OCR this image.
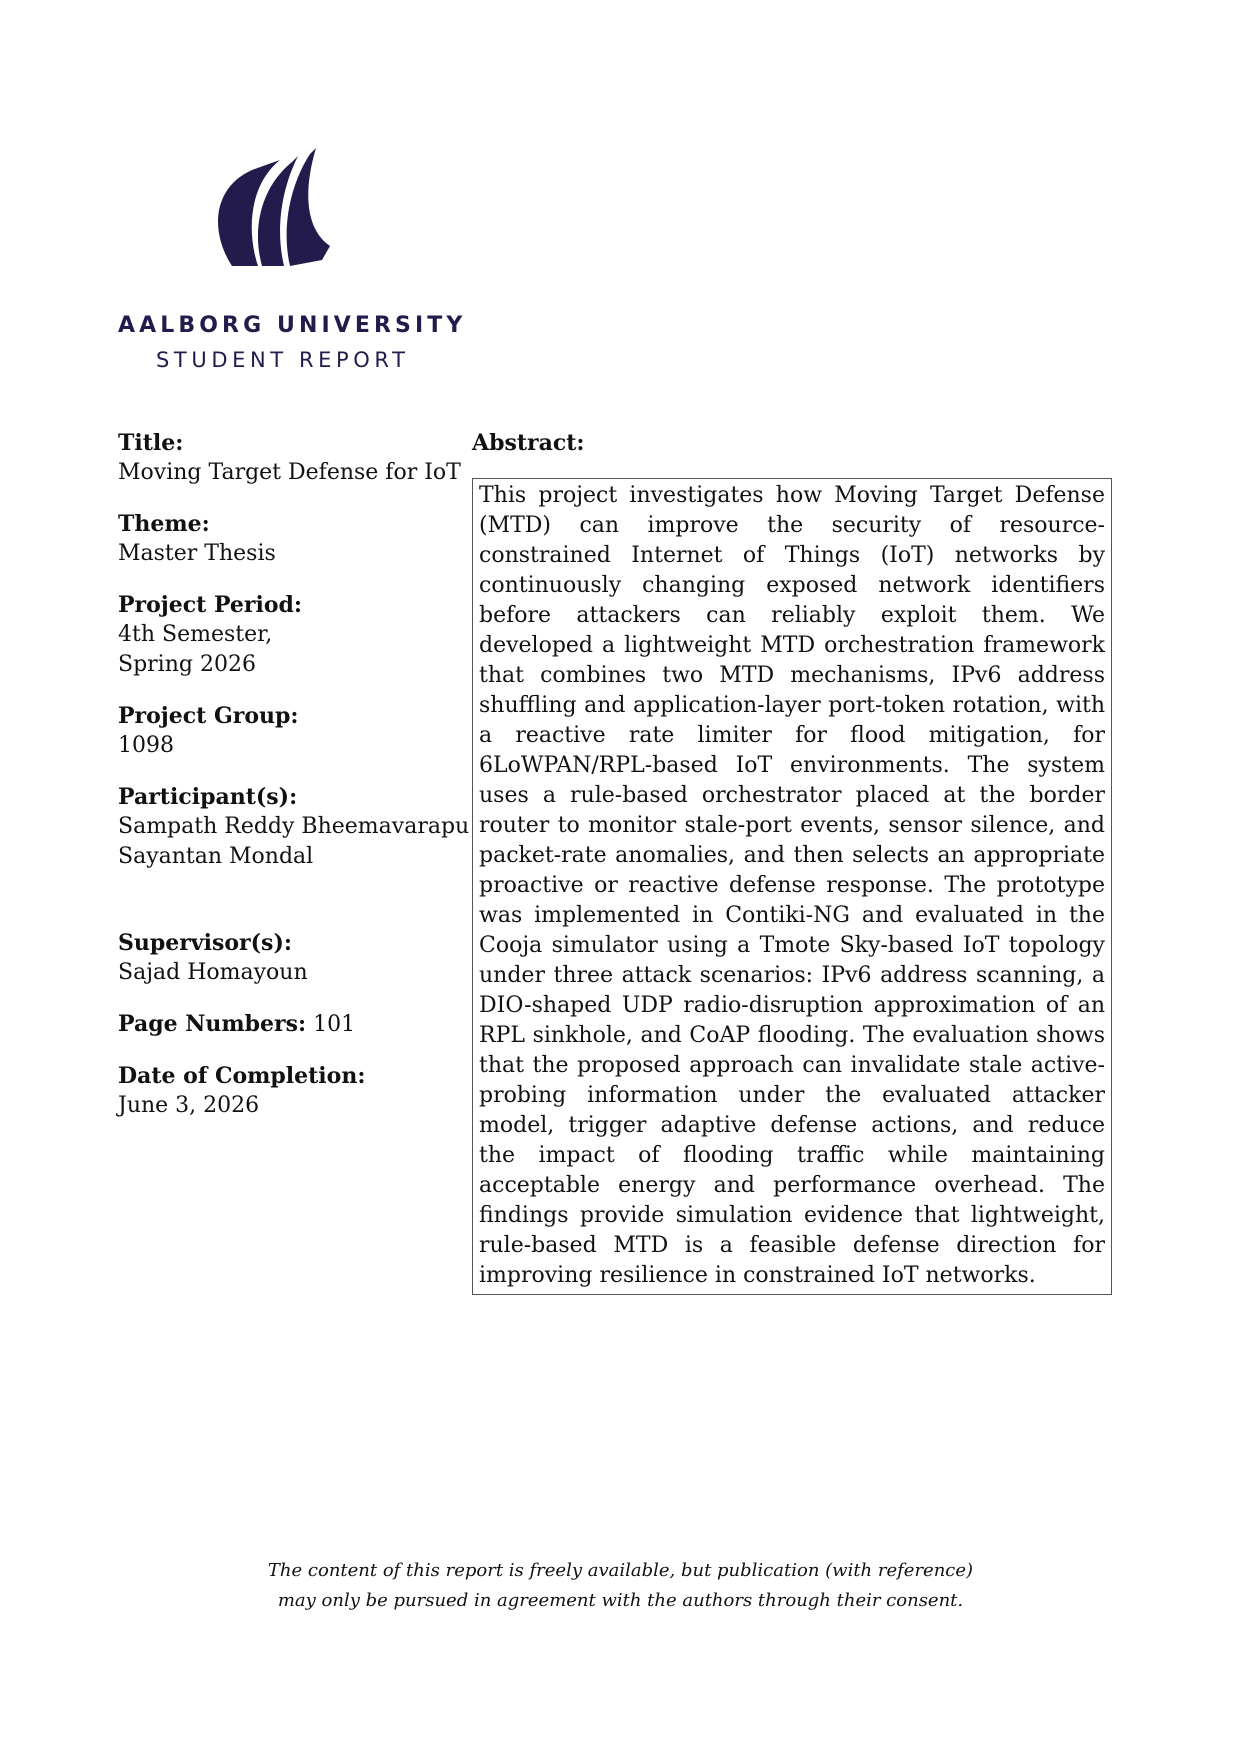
AALBORG UNIVERSITY
STUDENT REPORT
Title:
Moving Target Defense for IoT
Theme:
Master Thesis
Project Period:
4th Semester,
Spring 2026
Project Group:
1098
Participant(s):
Sampath Reddy Bheemavarapu
Sayantan Mondal
Supervisor(s):
Sajad Homayoun
Page Numbers: 101
Date of Completion:
June 3, 2026
Abstract:
This project investigates how Moving Target Defense (MTD) can improve the security of resource-constrained Internet of Things (IoT) networks by continuously changing exposed network identifiers before attackers can reliably exploit them. We developed a lightweight MTD orchestration framework that combines two MTD mechanisms, IPv6 address shuffling and application-layer port-token rotation, with a reactive rate limiter for flood mitigation, for 6LoWPAN/RPL-based IoT environments. The system uses a rule-based orchestrator placed at the border router to monitor stale-port events, sensor silence, and packet-rate anomalies, and then selects an appropriate proactive or reactive defense response. The prototype was implemented in Contiki-NG and evaluated in the Cooja simulator using a Tmote Sky-based IoT topology under three attack scenarios: IPv6 address scanning, a DIO-shaped UDP radio-disruption approximation of an RPL sinkhole, and CoAP flooding. The evaluation shows that the proposed approach can invalidate stale active-probing information under the evaluated attacker model, trigger adaptive defense actions, and reduce the impact of flooding traffic while maintaining acceptable energy and performance overhead. The findings provide simulation evidence that lightweight, rule-based MTD is a feasible defense direction for improving resilience in constrained IoT networks.
The content of this report is freely available, but publication (with reference)
may only be pursued in agreement with the authors through their consent.
